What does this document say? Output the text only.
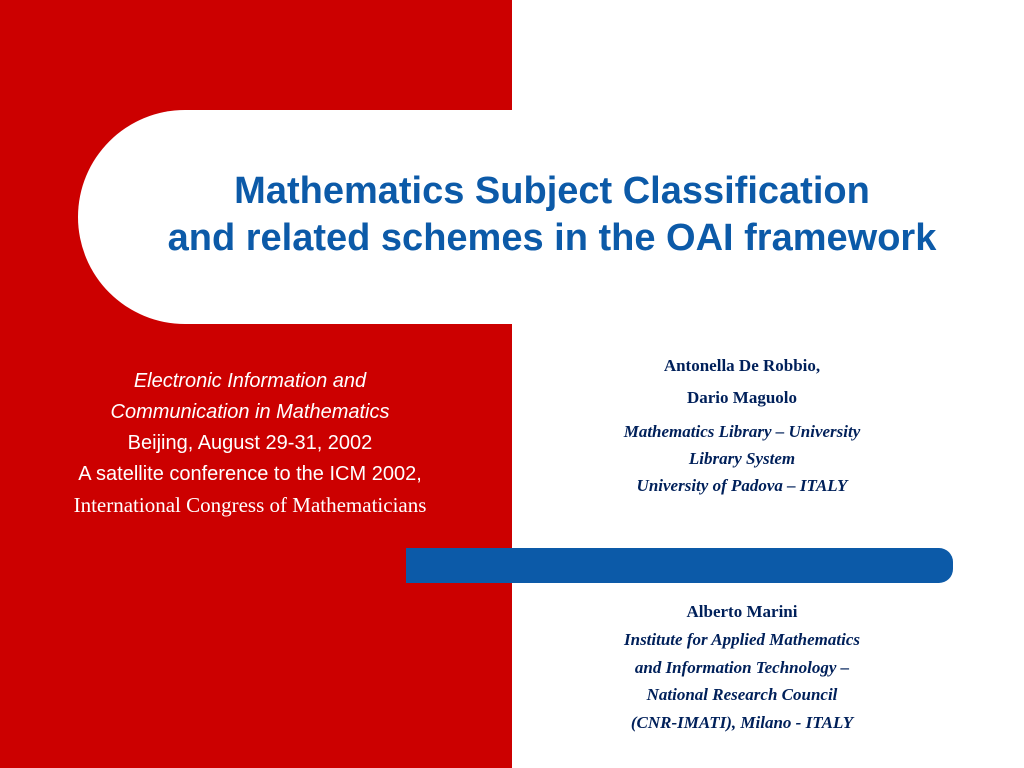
Mathematics Subject Classification
and related schemes in the OAI framework
Electronic Information and
Communication in Mathematics
Beijing, August 29-31, 2002
A satellite conference to the ICM 2002,
International Congress of Mathematicians
Antonella De Robbio,
Dario Maguolo
Mathematics Library – University
Library System
University of Padova – ITALY
Alberto Marini
Institute for Applied Mathematics
and Information Technology –
National Research Council
(CNR-IMATI), Milano - ITALY
